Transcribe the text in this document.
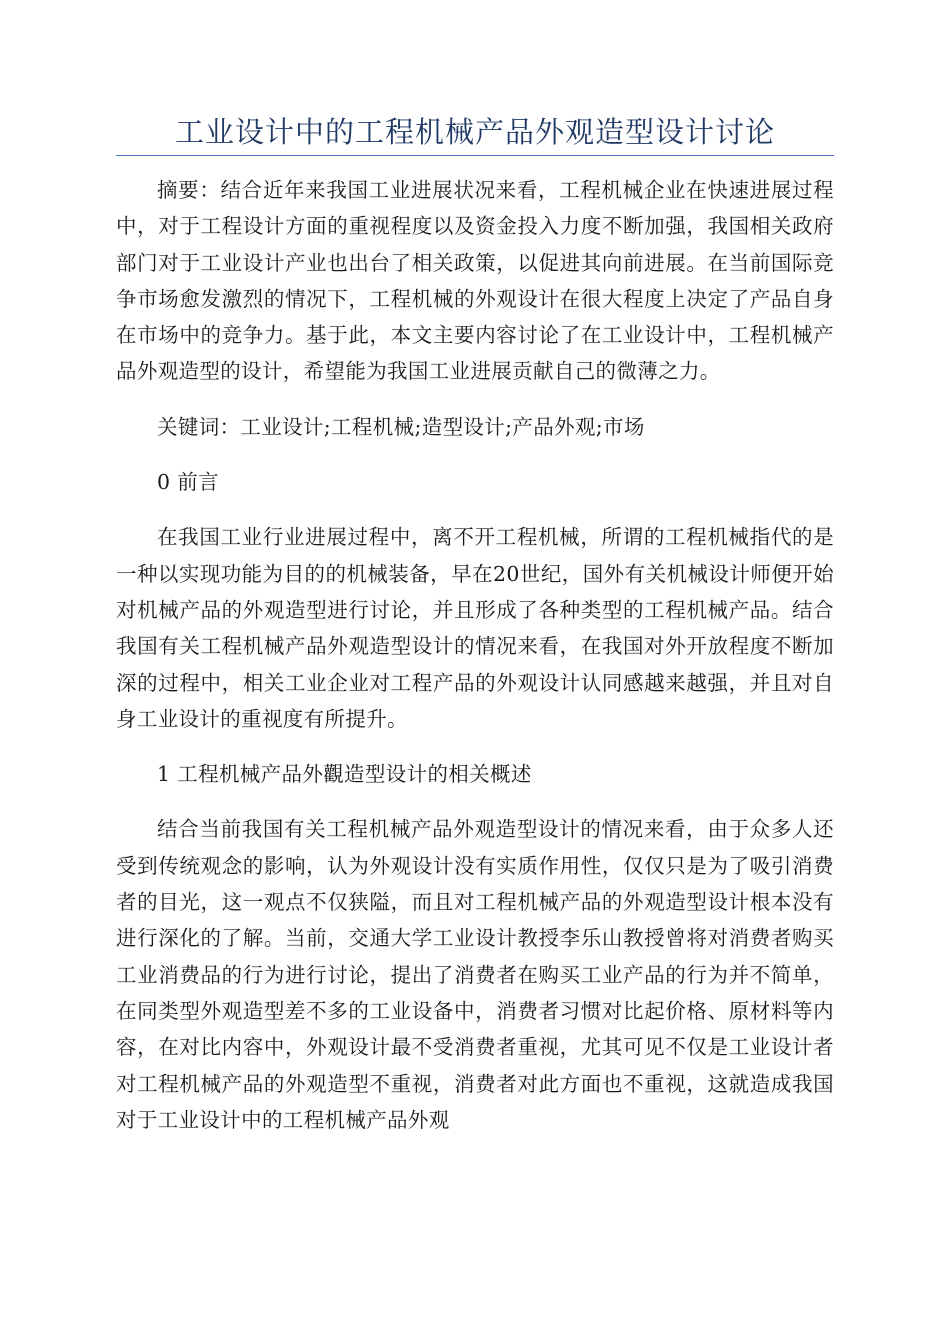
工业设计中的工程机械产品外观造型设计讨论

摘要：结合近年来我国工业进展状况来看，工程机械企业在快速进展过程中，对于工程设计方面的重视程度以及资金投入力度不断加强，我国相关政府部门对于工业设计产业也出台了相关政策，以促进其向前进展。在当前国际竞争市场愈发激烈的情况下，工程机械的外观设计在很大程度上决定了产品自身在市场中的竞争力。基于此，本文主要内容讨论了在工业设计中，工程机械产品外观造型的设计，希望能为我国工业进展贡献自己的微薄之力。

关键词：工业设计;工程机械;造型设计;产品外观;市场

0 前言

在我国工业行业进展过程中，离不开工程机械，所谓的工程机械指代的是一种以实现功能为目的的机械装备，早在20世纪，国外有关机械设计师便开始对机械产品的外观造型进行讨论，并且形成了各种类型的工程机械产品。结合我国有关工程机械产品外观造型设计的情况来看，在我国对外开放程度不断加深的过程中，相关工业企业对工程产品的外观设计认同感越来越强，并且对自身工业设计的重视度有所提升。

1 工程机械产品外觀造型设计的相关概述

结合当前我国有关工程机械产品外观造型设计的情况来看，由于众多人还受到传统观念的影响，认为外观设计没有实质作用性，仅仅只是为了吸引消费者的目光，这一观点不仅狭隘，而且对工程机械产品的外观造型设计根本没有进行深化的了解。当前，交通大学工业设计教授李乐山教授曾将对消费者购买工业消费品的行为进行讨论，提出了消费者在购买工业产品的行为并不简单，在同类型外观造型差不多的工业设备中，消费者习惯对比起价格、原材料等内容，在对比内容中，外观设计最不受消费者重视，尤其可见不仅是工业设计者对工程机械产品的外观造型不重视，消费者对此方面也不重视，这就造成我国对于工业设计中的工程机械产品外观
